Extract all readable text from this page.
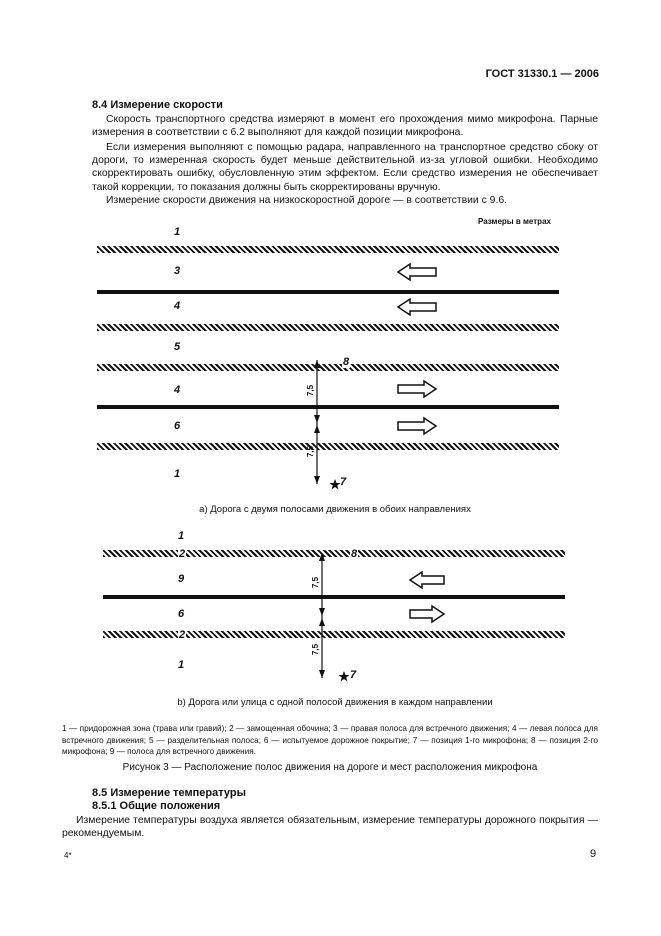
ГОСТ 31330.1 — 2006
8.4 Измерение скорости
Скорость транспортного средства измеряют в момент его прохождения мимо микрофона. Парные измерения в соответствии с 6.2 выполняют для каждой позиции микрофона.
Если измерения выполняют с помощью радара, направленного на транспортное средство сбоку от дороги, то измеренная скорость будет меньше действительной из-за угловой ошибки. Необходимо скорректировать ошибку, обусловленную этим эффектом. Если средство измерения не обеспечивает такой коррекции, то показания должны быть скорректированы вручную.
Измерение скорости движения на низкоскоростной дороге — в соответствии с 9.6.
Размеры в метрах
1
3
4
5
4
6
1
8
7
7,5
7,5
а) Дорога с двумя полосами движения в обоих направлениях
1
2
9
6
2
1
8
7
7,5
7,5
b) Дорога или улица с одной полосой движения в каждом направлении
1 — придорожная зона (трава или гравий); 2 — замощенная обочина; 3 — правая полоса для встречного движения; 4 — левая полоса для встречного движения; 5 — разделительная полоса; 6 — испытуемое дорожное покрытие; 7 — позиция 1-го микрофона; 8 — позиция 2-го микрофона; 9 — полоса для встречного движения.
Рисунок 3 — Расположение полос движения на дороге и мест расположения микрофона
8.5 Измерение температуры
8.5.1 Общие положения
Измерение температуры воздуха является обязательным, измерение температуры дорожного покрытия — рекомендуемым.
4*	9
